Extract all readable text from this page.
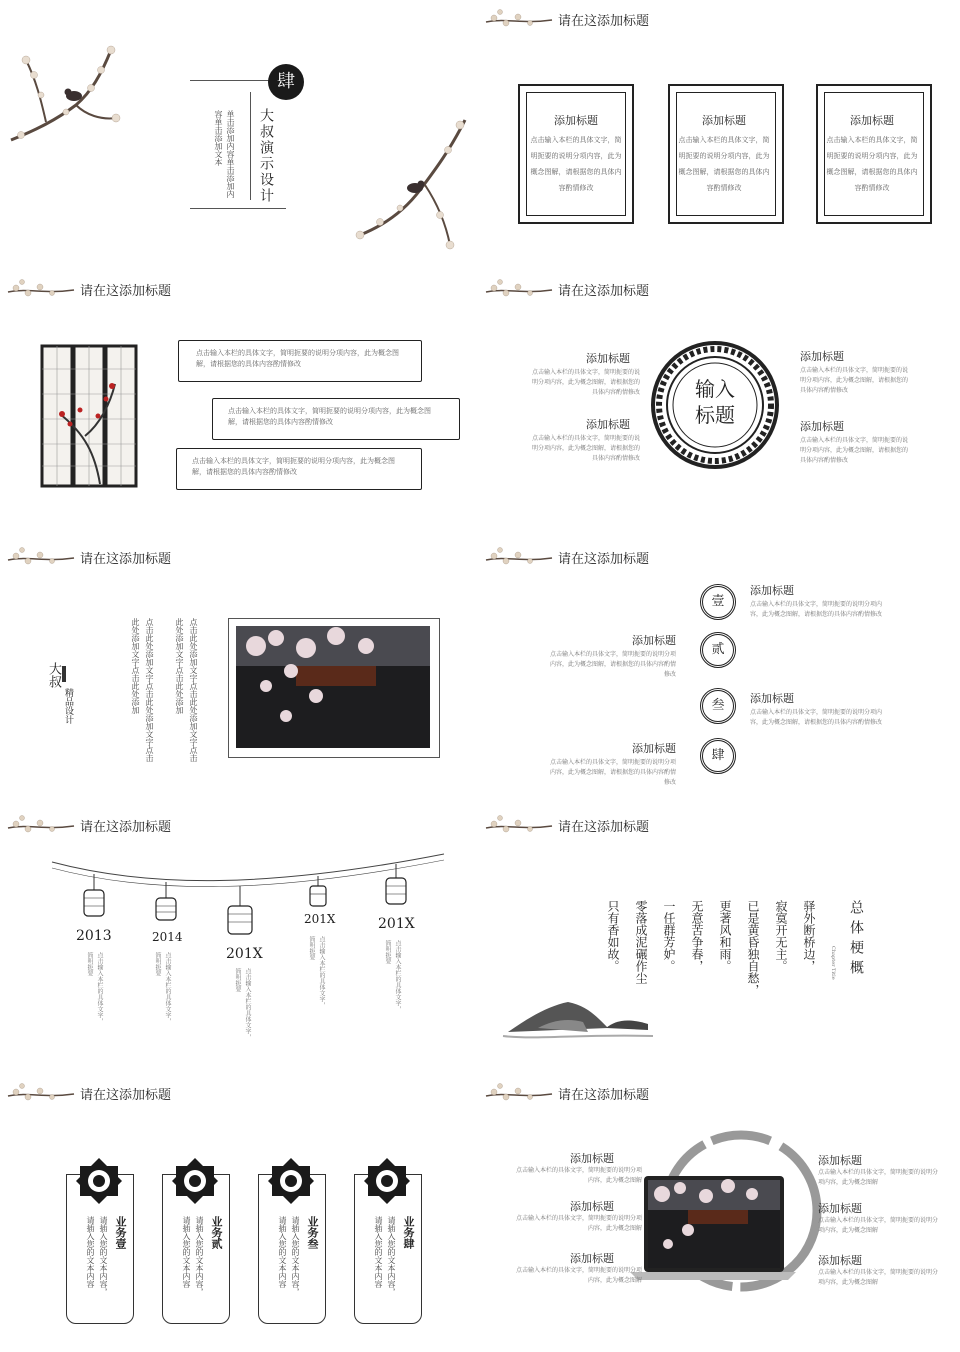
肆
大叔演示设计
单击添加内容单击添加内容单击添加文本
请在这添加标题
添加标题
点击输入本栏的具体文字，简明扼要的说明分项内容，此为概念图解，请根据您的具体内容酌情修改
添加标题
点击输入本栏的具体文字，简明扼要的说明分项内容，此为概念图解，请根据您的具体内容酌情修改
添加标题
点击输入本栏的具体文字，简明扼要的说明分项内容，此为概念图解，请根据您的具体内容酌情修改
请在这添加标题
点击输入本栏的具体文字，简明扼要的说明分项内容，此为概念图解，请根据您的具体内容酌情修改
点击输入本栏的具体文字，简明扼要的说明分项内容，此为概念图解，请根据您的具体内容酌情修改
点击输入本栏的具体文字，简明扼要的说明分项内容，此为概念图解，请根据您的具体内容酌情修改
请在这添加标题
输入
标题
添加标题
点击输入本栏的具体文字，简明扼要的说明分项内容，此为概念图解，请根据您的具体内容酌情修改
添加标题
点击输入本栏的具体文字，简明扼要的说明分项内容，此为概念图解，请根据您的具体内容酌情修改
添加标题
点击输入本栏的具体文字，简明扼要的说明分项内容，此为概念图解，请根据您的具体内容酌情修改
添加标题
点击输入本栏的具体文字，简明扼要的说明分项内容，此为概念图解，请根据您的具体内容酌情修改
请在这添加标题
大叔
精品设计	点击此处添加文字点击此处添加文字点击此处添加文字点击此处添加	点击此处添加文字点击此处添加文字点击此处添加文字点击此处添加
请在这添加标题
壹
贰
叁
肆
添加标题
点击输入本栏的具体文字，简明扼要的说明分项内容，此为概念图解，请根据您的具体内容酌情修改
添加标题
点击输入本栏的具体文字，简明扼要的说明分项内容，此为概念图解，请根据您的具体内容酌情修改
添加标题
点击输入本栏的具体文字，简明扼要的说明分项内容，此为概念图解，请根据您的具体内容酌情修改
添加标题
点击输入本栏的具体文字，简明扼要的说明分项内容，此为概念图解，请根据您的具体内容酌情修改
请在这添加标题
2013
点击输入本栏的具体文字，简明扼要
2014
点击输入本栏的具体文字，简明扼要	201X
点击输入本栏的具体文字，简明扼要
201X
点击输入本栏的具体文字，简明扼要
201X
点击输入本栏的具体文字，简明扼要
请在这添加标题
总体梗概
Chapter Title
驿外断桥边，
寂寞开无主。
已是黄昏独自愁，
更著风和雨。
无意苦争春，
一任群芳妒。
零落成泥碾作尘
只有香如故。
请在这添加标题
业务壹
请插入您的文本内容，请插入您的文本内容	业务贰
请插入您的文本内容，请插入您的文本内容	业务叁
请插入您的文本内容，请插入您的文本内容	业务肆
请插入您的文本内容，请插入您的文本内容
请在这添加标题
添加标题
点击输入本栏的具体文字，简明扼要的说明分项内容，此为概念图解
添加标题
点击输入本栏的具体文字，简明扼要的说明分项内容，此为概念图解
添加标题
点击输入本栏的具体文字，简明扼要的说明分项内容，此为概念图解
添加标题
点击输入本栏的具体文字，简明扼要的说明分项内容，此为概念图解
添加标题
点击输入本栏的具体文字，简明扼要的说明分项内容，此为概念图解
添加标题
点击输入本栏的具体文字，简明扼要的说明分项内容，此为概念图解
